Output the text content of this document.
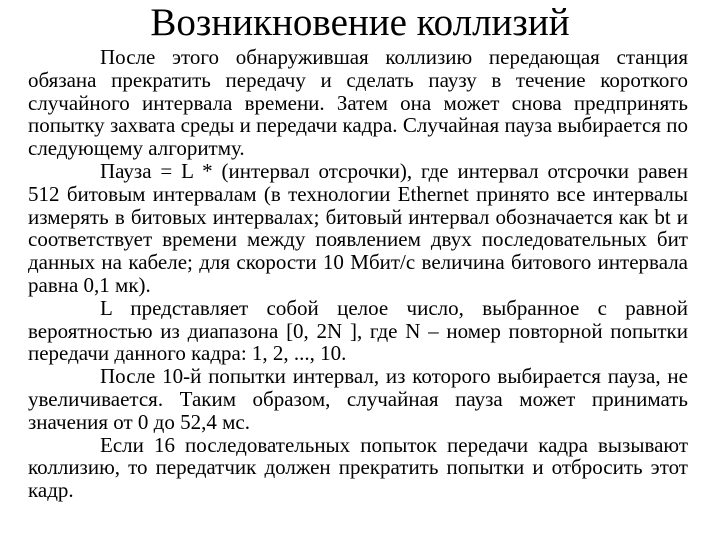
Возникновение коллизий

После этого обнаружившая коллизию передающая станция обязана прекратить передачу и сделать паузу в течение короткого случайного интервала времени. Затем она может снова предпринять попытку захвата среды и передачи кадра. Случайная пауза выбирается по следующему алгоритму.

Пауза = L * (интервал отсрочки), где интервал отсрочки равен 512 битовым интервалам (в технологии Ethernet принято все интервалы измерять в битовых интервалах; битовый интервал обозначается как bt и соответствует времени между появлением двух последовательных бит данных на кабеле; для скорости 10 Мбит/с величина битового интервала равна 0,1 мк).

L представляет собой целое число, выбранное с равной вероятностью из диапазона [0, 2N ], где N – номер повторной попытки передачи данного кадра: 1, 2, ..., 10.

После 10-й попытки интервал, из которого выбирается пауза, не увеличивается. Таким образом, случайная пауза может принимать значения от 0 до 52,4 мс.

Если 16 последовательных попыток передачи кадра вызывают коллизию, то передатчик должен прекратить попытки и отбросить этот кадр.
